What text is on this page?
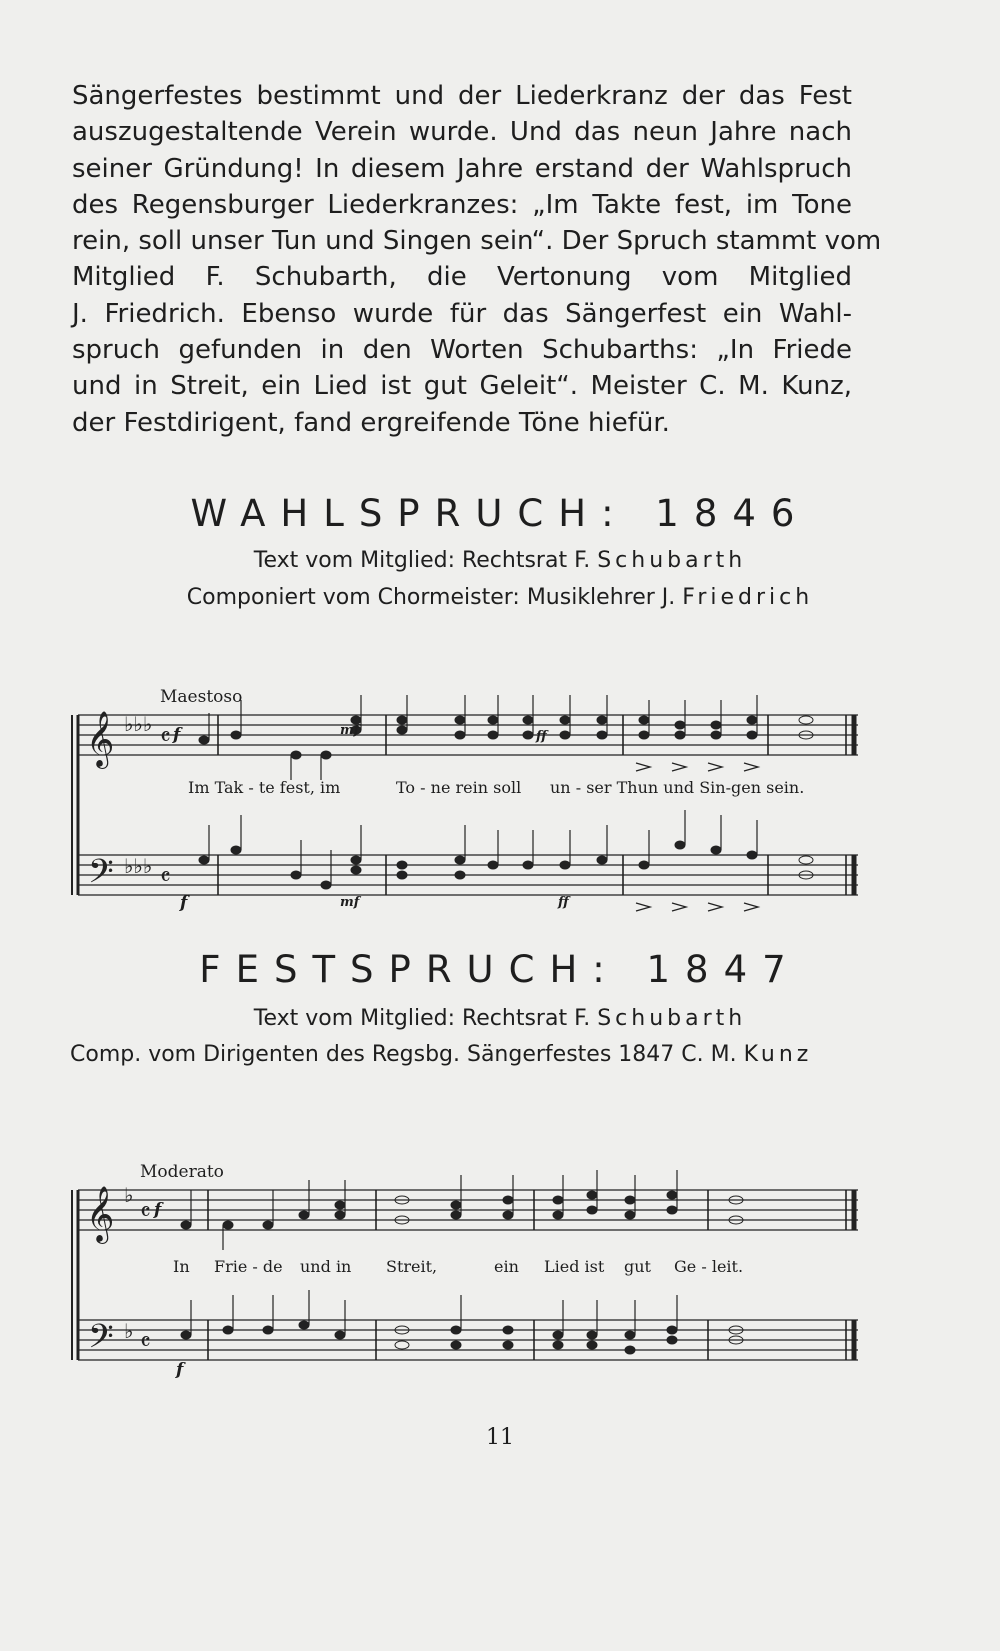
Sängerfestes bestimmt und der Liederkranz der das Fest
auszugestaltende Verein wurde. Und das neun Jahre nach
seiner Gründung! In diesem Jahre erstand der Wahlspruch
des Regensburger Liederkranzes: „Im Takte fest, im Tone
rein, soll unser Tun und Singen sein“. Der Spruch stammt vom
Mitglied F. Schubarth, die Vertonung vom Mitglied
J. Friedrich. Ebenso wurde für das Sängerfest ein Wahl-
spruch gefunden in den Worten Schubarths: „In Friede
und in Streit, ein Lied ist gut Geleit“. Meister C. M. Kunz,
der Festdirigent, fand ergreifende Töne hiefür.
WAHLSPRUCH: 1846
Text vom Mitglied: Rechtsrat F. Schubarth
Componiert vom Chormeister: Musiklehrer J. Friedrich
Maestoso
𝄞
𝄢
♭♭♭
♭♭♭
𝄴
𝄴
f	mf	ff
Im Tak - te fest, im	To - ne rein soll un - ser Thun und Sin-gen sein.
f	mf	ff
FESTSPRUCH: 1847
Text vom Mitglied: Rechtsrat F. Schubarth
Comp. vom Dirigenten des Regsbg. Sängerfestes 1847 C. M. Kunz
Moderato
𝄞
𝄢
♭
♭
𝄴
𝄴
f
In Frie - de und in Streit,	ein Lied ist gut Ge - leit.
f
11
